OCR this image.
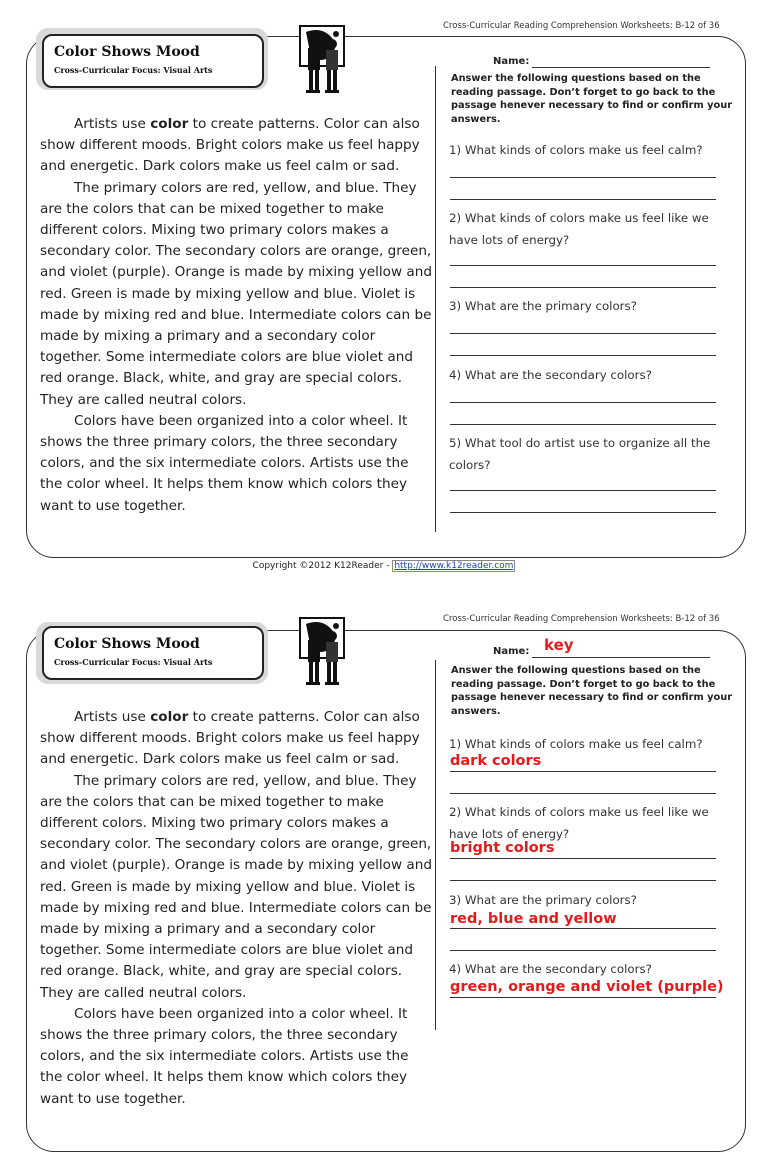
Cross-Curricular Reading Comprehension Worksheets: B-12 of 36
Color Shows Mood
Cross-Curricular Focus: Visual Arts
Name:
Answer the following questions based on the reading passage. Don’t forget to go back to the passage henever necessary to find or confirm your answers.

Artists use color to create patterns. Color can also show different moods. Bright colors make us feel happy and energetic. Dark colors make us feel calm or sad.

The primary colors are red, yellow, and blue. They are the colors that can be mixed together to make different colors. Mixing two primary colors makes a secondary color. The secondary colors are orange, green, and violet (purple). Orange is made by mixing yellow and red. Green is made by mixing yellow and blue. Violet is made by mixing red and blue. Intermediate colors can be made by mixing a primary and a secondary color together. Some intermediate colors are blue violet and red orange. Black, white, and gray are special colors. They are called neutral colors.

Colors have been organized into a color wheel. It shows the three primary colors, the three secondary colors, and the six intermediate colors. Artists use the the color wheel. It helps them know which colors they want to use together.

1) What kinds of colors make us feel calm?
2) What kinds of colors make us feel like we have lots of energy?
3) What are the primary colors?
4) What are the secondary colors?
5) What tool do artist use to organize all the colors?
Copyright ©2012 K12Reader - http://www.k12reader.com
Cross-Curricular Reading Comprehension Worksheets: B-12 of 36
Color Shows Mood
Cross-Curricular Focus: Visual Arts
Name: key
Answer the following questions based on the reading passage. Don’t forget to go back to the passage henever necessary to find or confirm your answers.

Artists use color to create patterns. Color can also show different moods. Bright colors make us feel happy and energetic. Dark colors make us feel calm or sad.

The primary colors are red, yellow, and blue. They are the colors that can be mixed together to make different colors. Mixing two primary colors makes a secondary color. The secondary colors are orange, green, and violet (purple). Orange is made by mixing yellow and red. Green is made by mixing yellow and blue. Violet is made by mixing red and blue. Intermediate colors can be made by mixing a primary and a secondary color together. Some intermediate colors are blue violet and red orange. Black, white, and gray are special colors. They are called neutral colors.

Colors have been organized into a color wheel. It shows the three primary colors, the three secondary colors, and the six intermediate colors. Artists use the the color wheel. It helps them know which colors they want to use together.

1) What kinds of colors make us feel calm?
dark colors
2) What kinds of colors make us feel like we have lots of energy?
bright colors
3) What are the primary colors?
red, blue and yellow
4) What are the secondary colors?
green, orange and violet (purple)
